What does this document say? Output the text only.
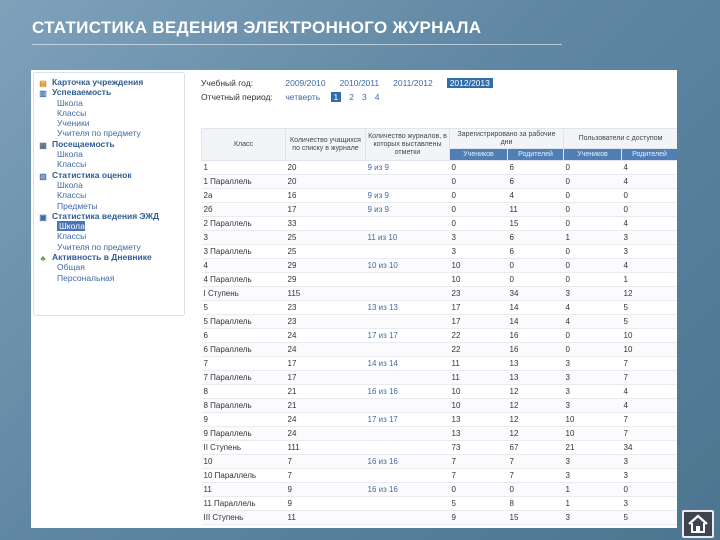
СТАТИСТИКА ВЕДЕНИЯ ЭЛЕКТРОННОГО ЖУРНАЛА
▤ Карточка учреждения
▥ Успеваемость
Школа
Классы
Ученики
Учителя по предмету
▦ Посещаемость
Школа
Классы
▧ Статистика оценок
Школа
Классы
Предметы
▣ Статистика ведения ЭЖД
Школа
Классы
Учителя по предмету
♣ Активность в Дневнике
Общая
Персональная
Учебный год:	2009/2010 2010/2011 2011/2012 2012/2013
Отчетный период: четверть 1 2 3 4
Класс	Количество учащихся по списку в журнале	Количество журналов, в которых выставлены отметки	Зарегистрировано за рабочие дни		Пользователи с доступом	
			Учеников	Родителей	Учеников	Родителей
1	20	9 из 9	0	6	0	4
1 Параллель	20		0	6	0	4
2а	16	9 из 9	0	4	0	0
2б	17	9 из 9	0	11	0	0
2 Параллель	33		0	15	0	4
3	25	11 из 10	3	6	1	3
3 Параллель	25		3	6	0	3
4	29	10 из 10	10	0	0	4
4 Параллель	29		10	0	0	1
I Ступень	115		23	34	3	12
5	23	13 из 13	17	14	4	5
5 Параллель	23		17	14	4	5
6	24	17 из 17	22	16	0	10
6 Параллель	24		22	16	0	10
7	17	14 из 14	11	13	3	7
7 Параллель	17		11	13	3	7
8	21	16 из 16	10	12	3	4
8 Параллель	21		10	12	3	4
9	24	17 из 17	13	12	10	7
9 Параллель	24		13	12	10	7
II Ступень	111		73	67	21	34
10	7	16 из 16	7	7	3	3
10 Параллель	7		7	7	3	3
11	9	16 из 16	0	0	1	0
11 Параллель	9		5	8	1	3
III Ступень	11		9	15	3	5
